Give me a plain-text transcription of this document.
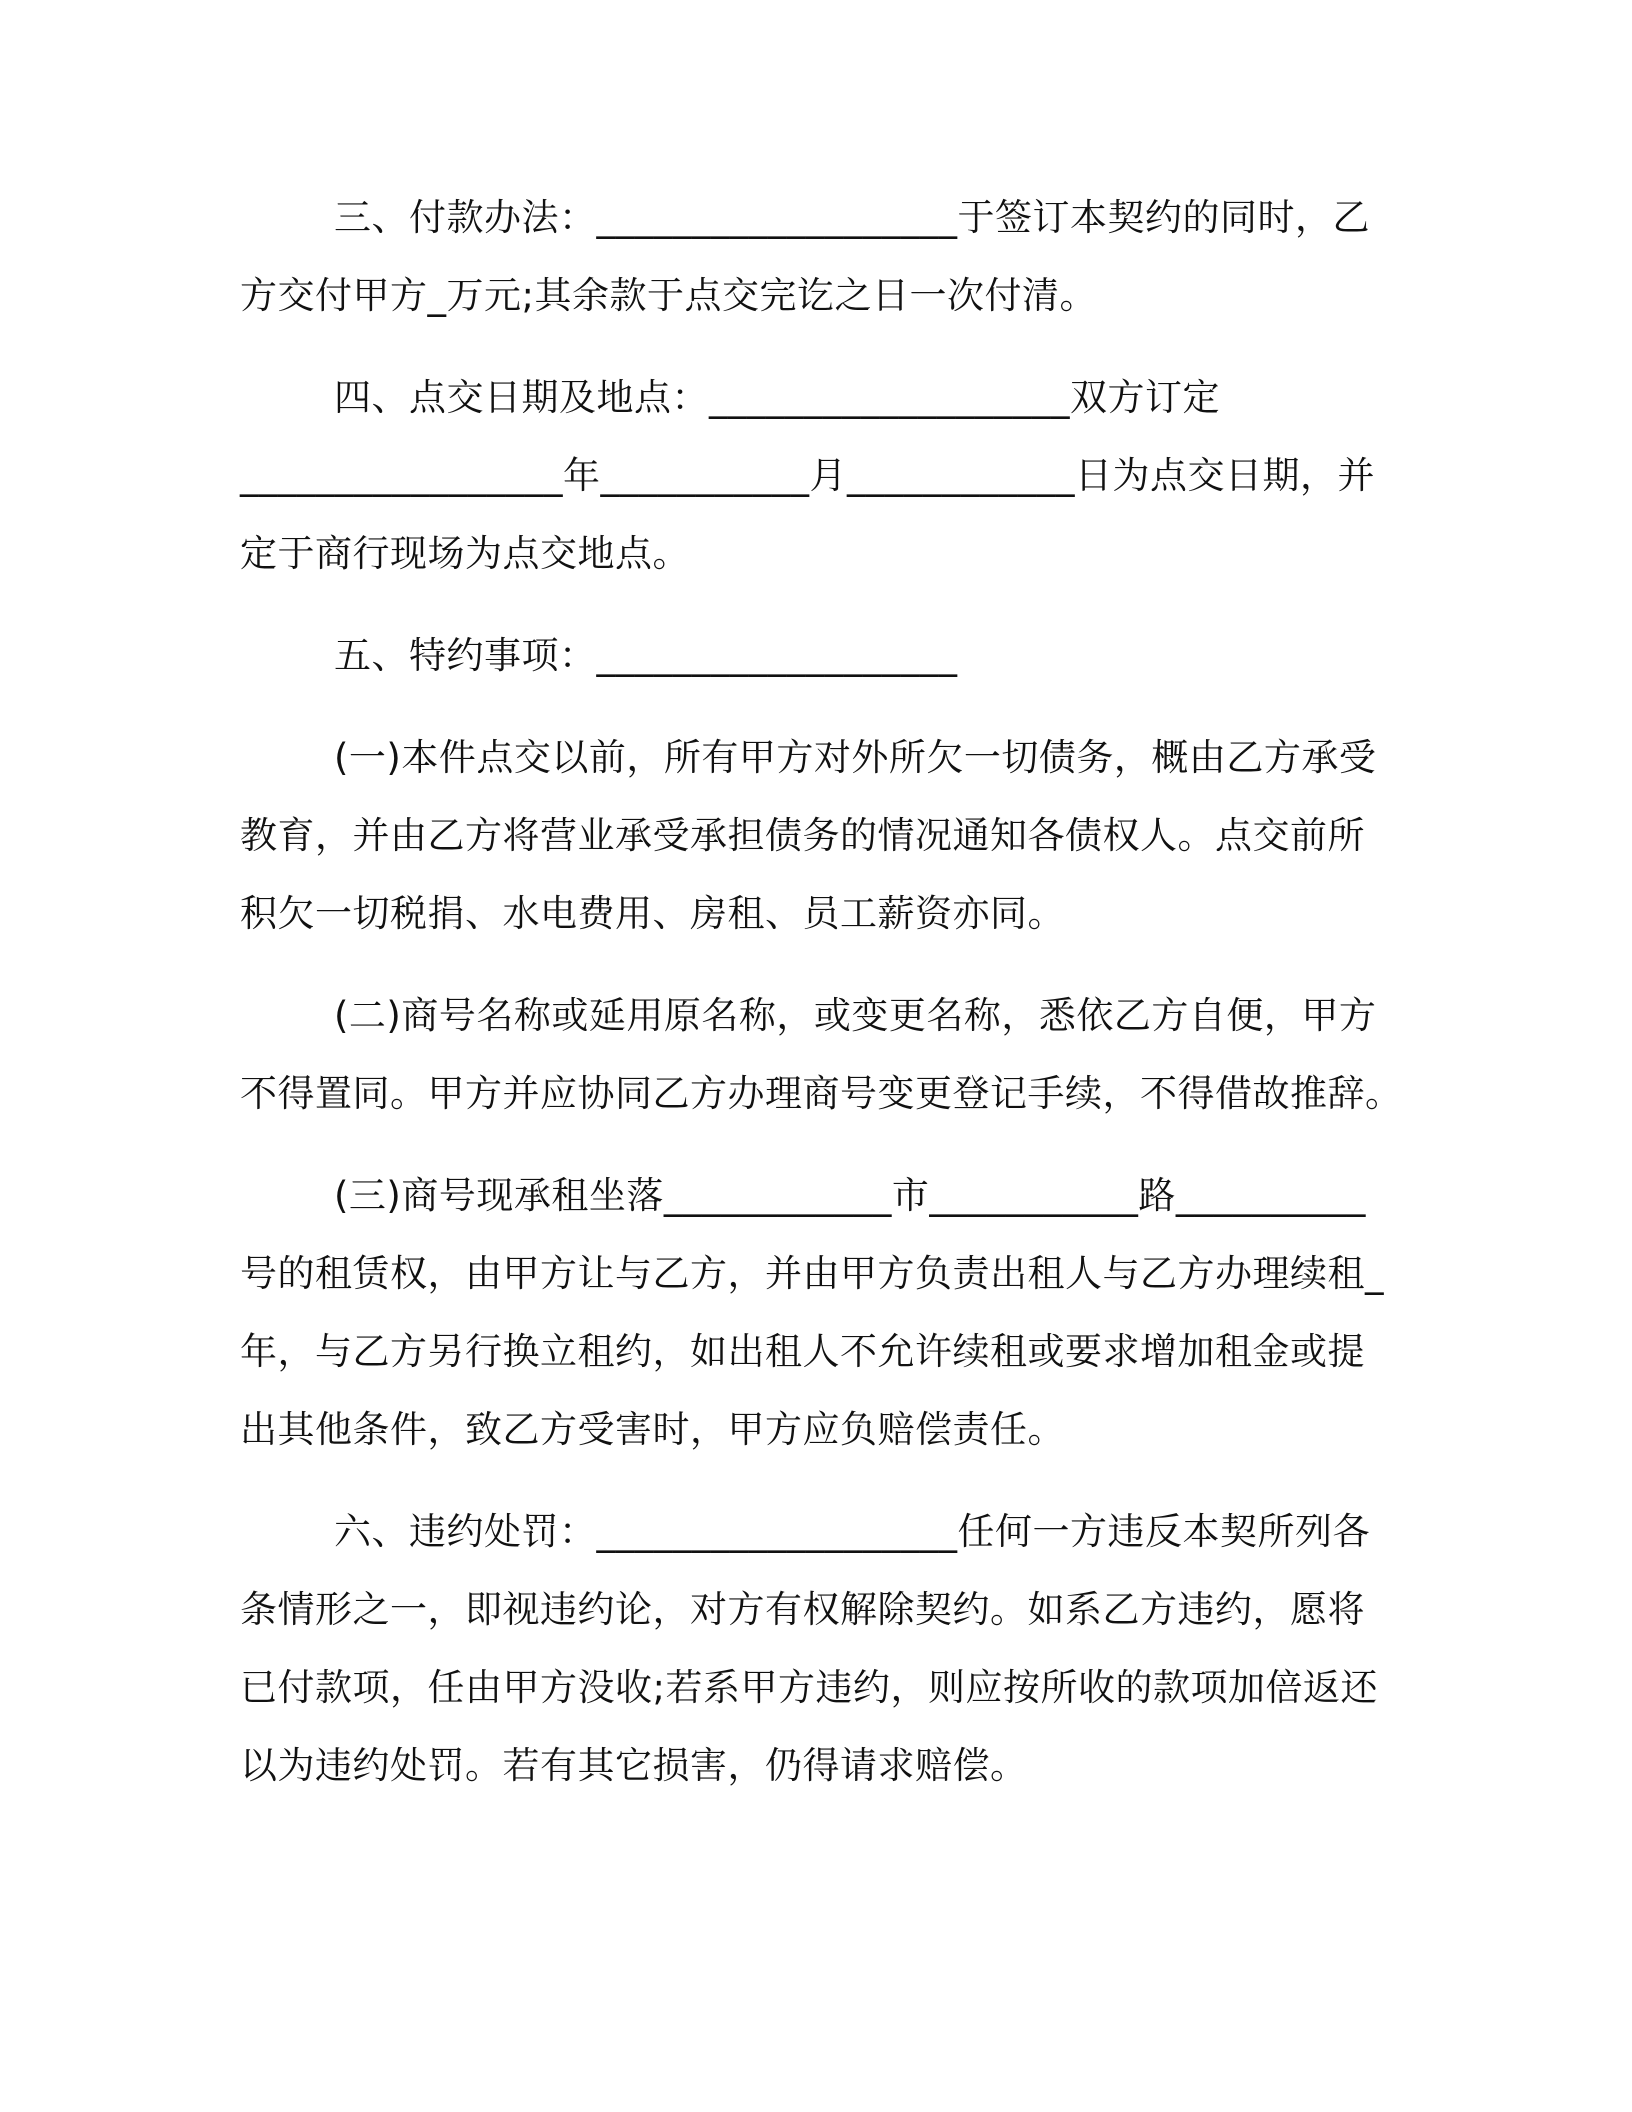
三、付款办法：___________________于签订本契约的同时，乙
方交付甲方_万元;其余款于点交完讫之日一次付清。
四、点交日期及地点：___________________双方订定
_________________年___________月____________日为点交日期，并
定于商行现场为点交地点。
五、特约事项：___________________
(一)本件点交以前，所有甲方对外所欠一切债务，概由乙方承受
教育，并由乙方将营业承受承担债务的情况通知各债权人。点交前所
积欠一切税捐、水电费用、房租、员工薪资亦同。
(二)商号名称或延用原名称，或变更名称，悉依乙方自便，甲方
不得置同。甲方并应协同乙方办理商号变更登记手续，不得借故推辞。
(三)商号现承租坐落____________市___________路__________
号的租赁权，由甲方让与乙方，并由甲方负责出租人与乙方办理续租_
年，与乙方另行换立租约，如出租人不允许续租或要求增加租金或提
出其他条件，致乙方受害时，甲方应负赔偿责任。
六、违约处罚：___________________任何一方违反本契所列各
条情形之一，即视违约论，对方有权解除契约。如系乙方违约，愿将
已付款项，任由甲方没收;若系甲方违约，则应按所收的款项加倍返还
以为违约处罚。若有其它损害，仍得请求赔偿。
